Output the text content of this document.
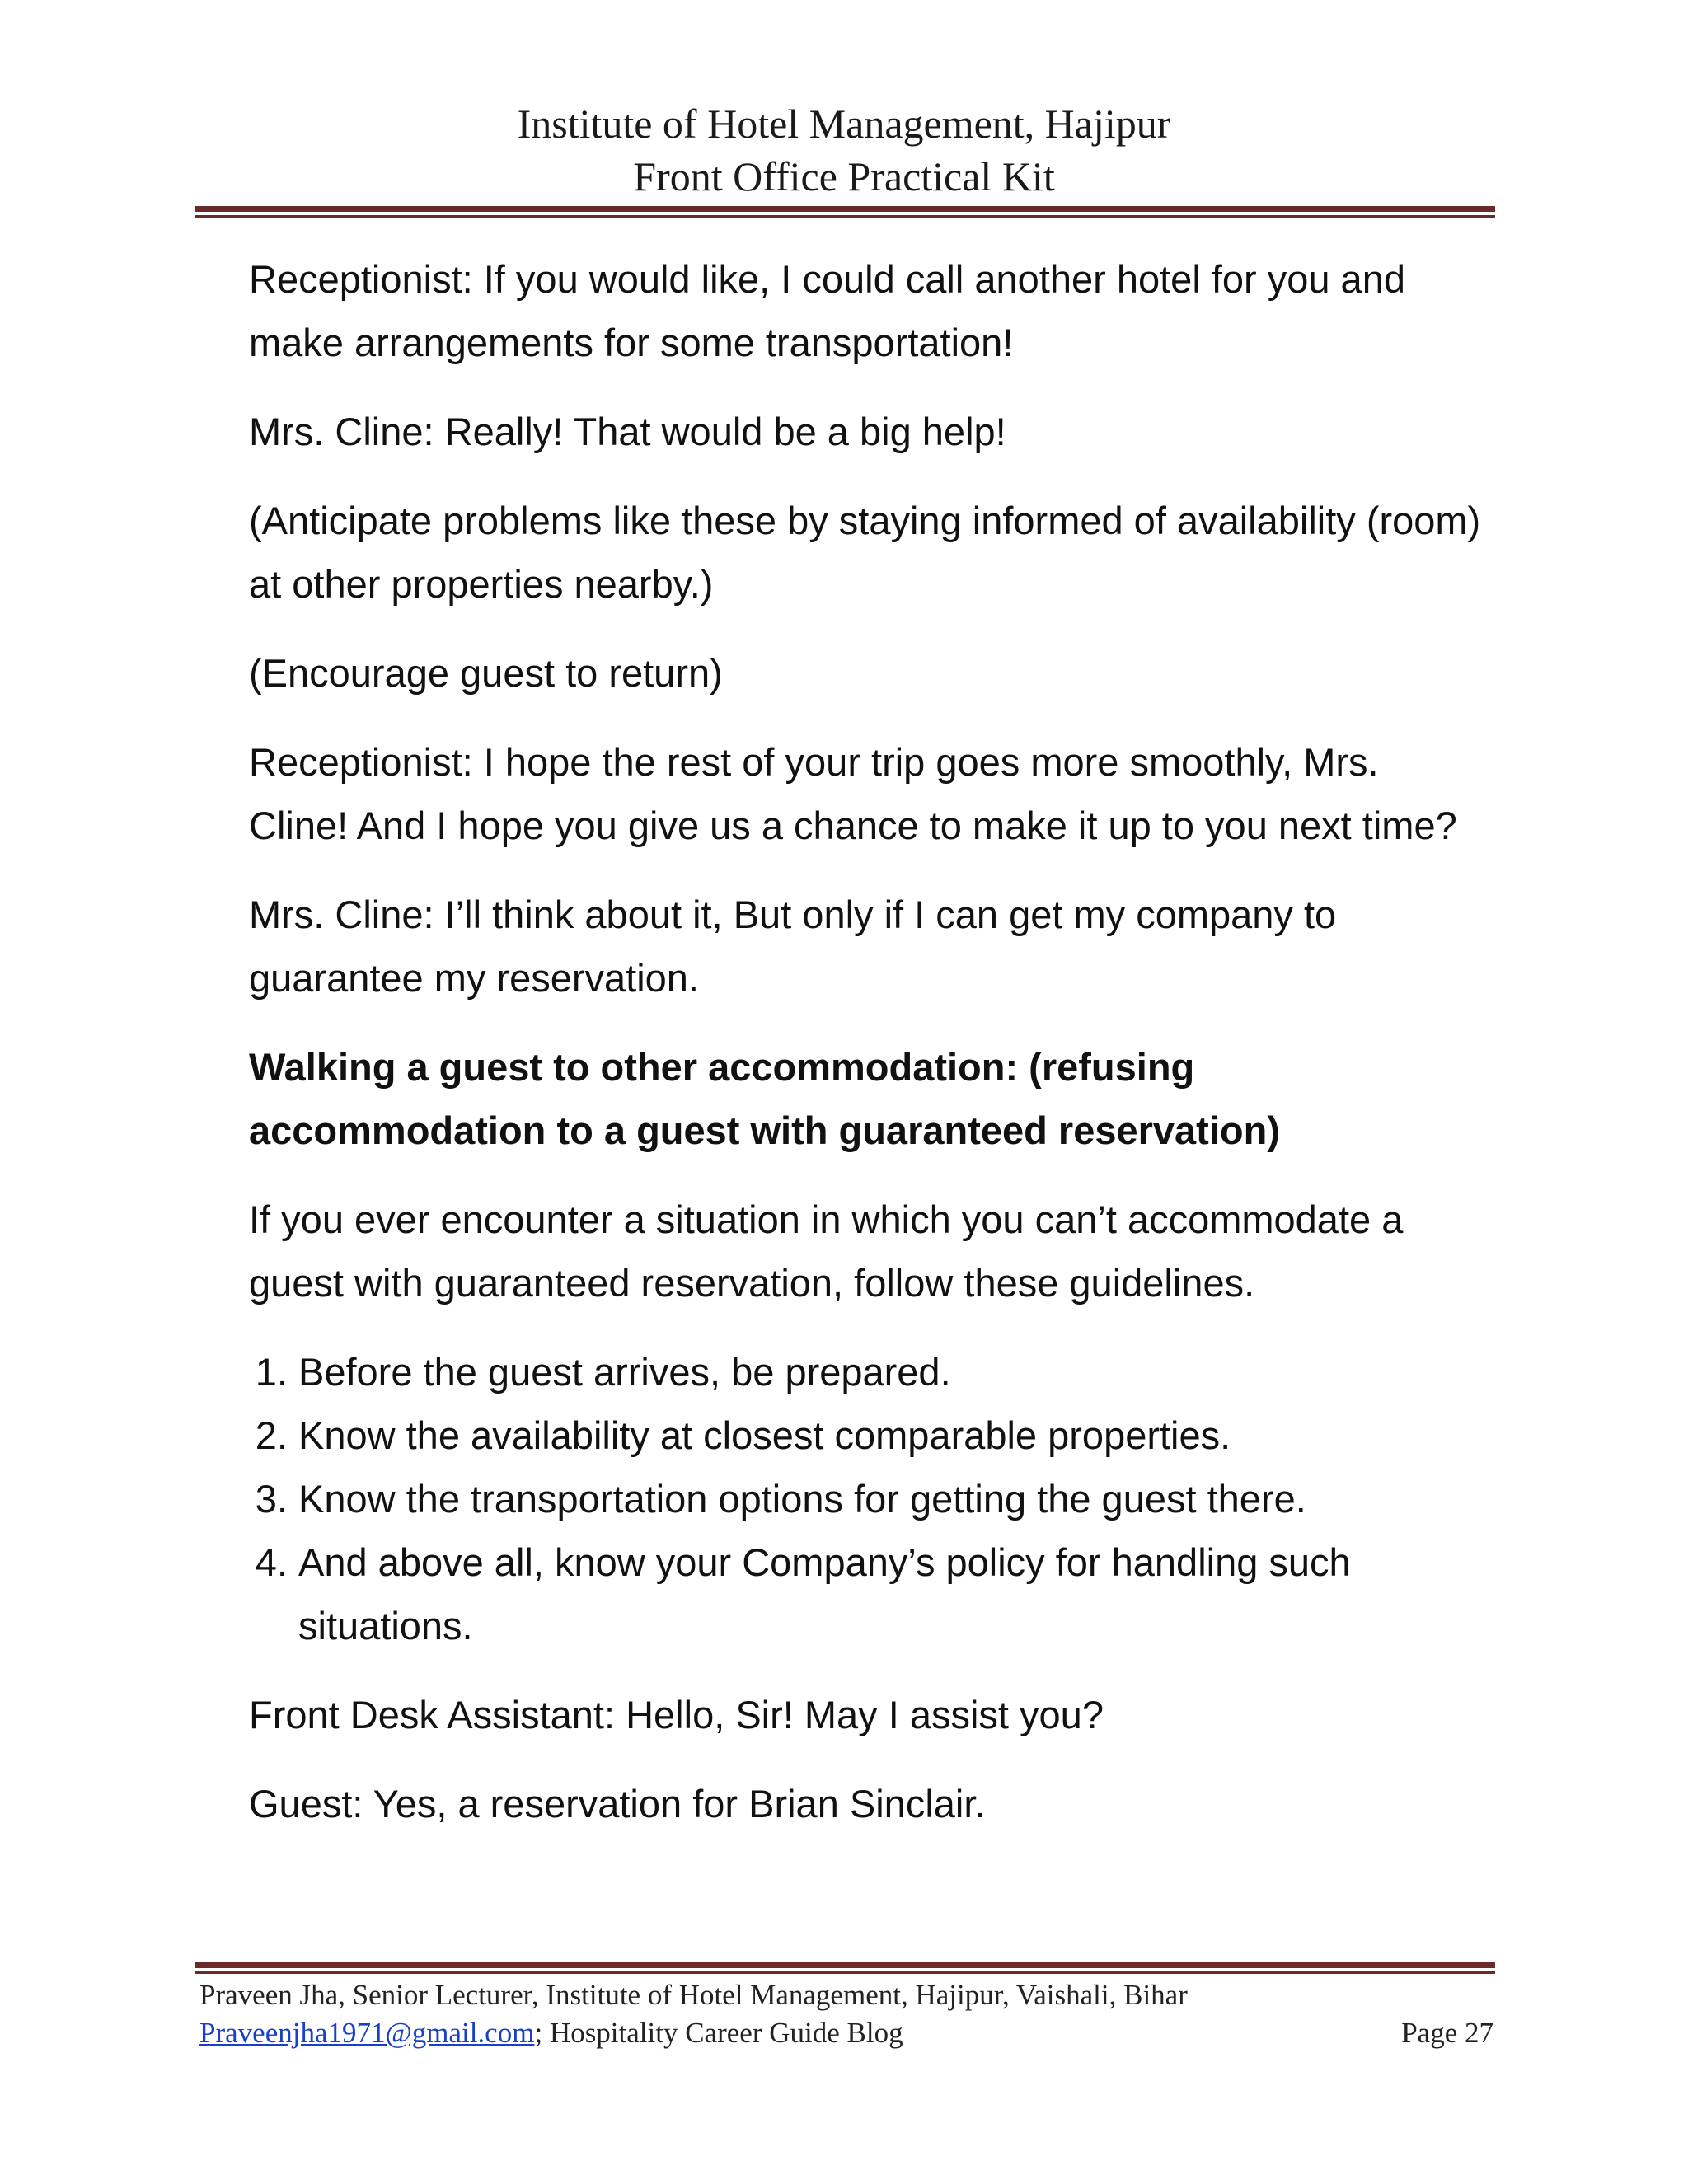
Institute of Hotel Management, Hajipur
Front Office Practical Kit

Receptionist: If you would like, I could call another hotel for you and make arrangements for some transportation!

Mrs. Cline: Really! That would be a big help!

(Anticipate problems like these by staying informed of availability (room) at other properties nearby.)

(Encourage guest to return)

Receptionist: I hope the rest of your trip goes more smoothly, Mrs. Cline! And I hope you give us a chance to make it up to you next time?

Mrs. Cline: I’ll think about it, But only if I can get my company to guarantee my reservation.

Walking a guest to other accommodation: (refusing accommodation to a guest with guaranteed reservation)

If you ever encounter a situation in which you can’t accommodate a guest with guaranteed reservation, follow these guidelines.

1. Before the guest arrives, be prepared.
2. Know the availability at closest comparable properties.
3. Know the transportation options for getting the guest there.
4. And above all, know your Company’s policy for handling such situations.

Front Desk Assistant: Hello, Sir! May I assist you?

Guest: Yes, a reservation for Brian Sinclair.

Praveen Jha, Senior Lecturer, Institute of Hotel Management, Hajipur, Vaishali, Bihar
Praveenjha1971@gmail.com; Hospitality Career Guide Blog	Page 27
